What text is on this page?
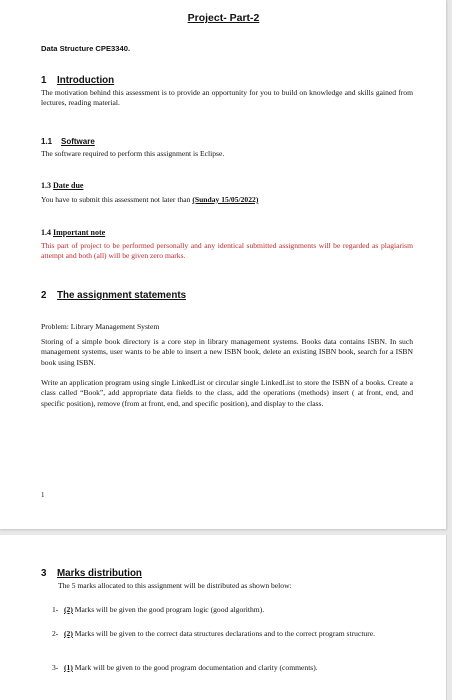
Project- Part-2
Data Structure CPE3340.
1 Introduction
The motivation behind this assessment is to provide an opportunity for you to build on knowledge and skills gained from lectures, reading material.
1.1 Software
The software required to perform this assignment is Eclipse.
1.3 Date due
You have to submit this assessment not later than (Sunday 15/05/2022)
1.4 Important note
This part of project to be performed personally and any identical submitted assignments will be regarded as plagiarism attempt and both (all) will be given zero marks.
2 The assignment statements
Problem: Library Management System
Storing of a simple book directory is a core step in library management systems. Books data contains ISBN. In such management systems, user wants to be able to insert a new ISBN book, delete an existing ISBN book, search for a ISBN book using ISBN.
Write an application program using single LinkedList or circular single LinkedList to store the ISBN of a books. Create a class called “Book”, add appropriate data fields to the class, add the operations (methods) insert ( at front, end, and specific position), remove (from at front, end, and specific position), and display to the class.
1
3 Marks distribution
The 5 marks allocated to this assignment will be distributed as shown below:
1- (2) Marks will be given the good program logic (good algorithm).
2- (2) Marks will be given to the correct data structures declarations and to the correct program structure.
3- (1) Mark will be given to the good program documentation and clarity (comments).
